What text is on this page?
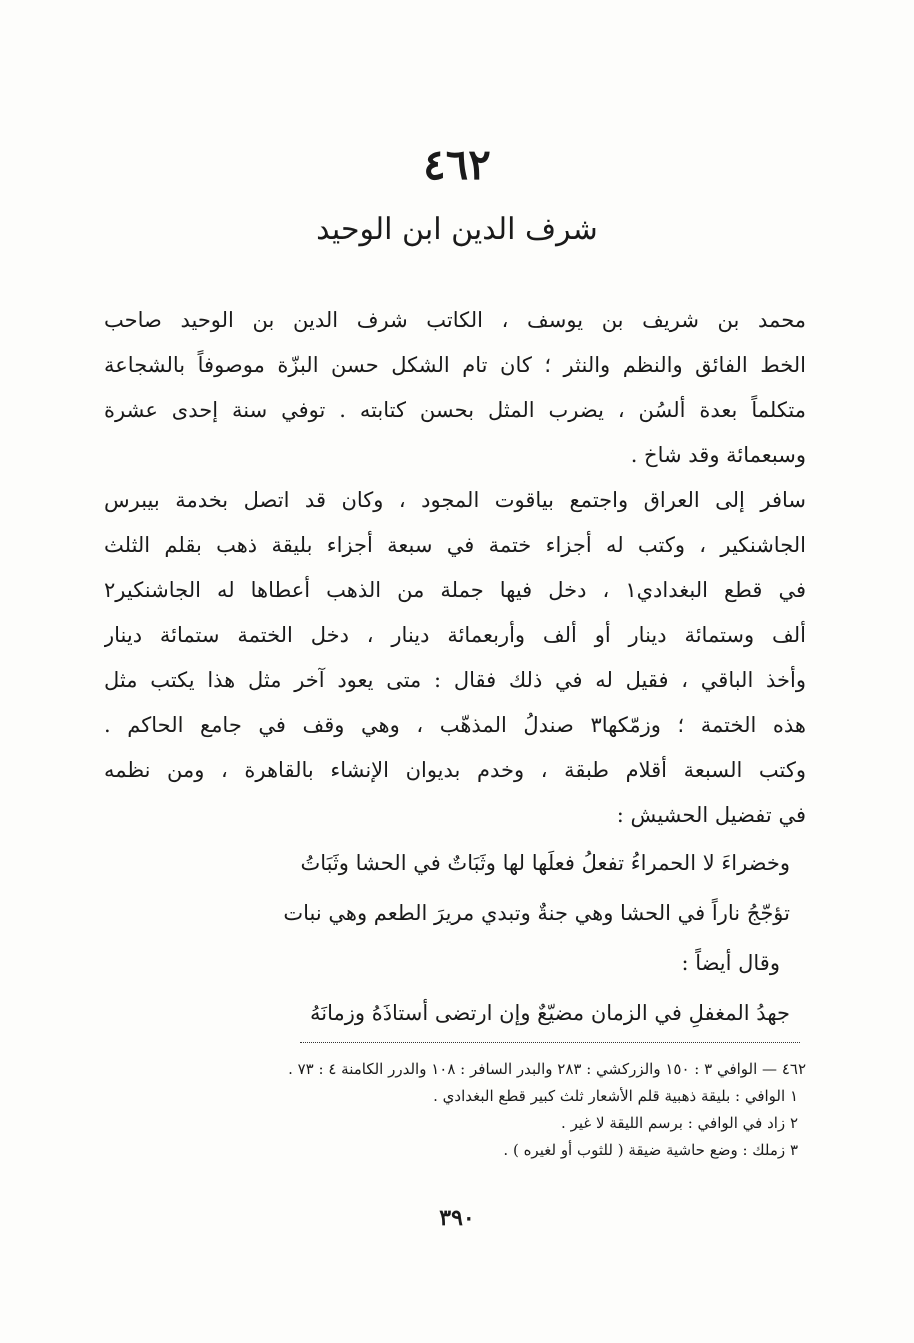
٤٦٢
شرف الدين ابن الوحيد
محمد بن شريف بن يوسف ، الكاتب شرف الدين بن الوحيد صاحب
الخط الفائق والنظم والنثر ؛ كان تام الشكل حسن البزّة موصوفاً بالشجاعة
متكلماً بعدة ألسُن ، يضرب المثل بحسن كتابته . توفي سنة إحدى عشرة
وسبعمائة وقد شاخ .
سافر إلى العراق واجتمع بياقوت المجود ، وكان قد اتصل بخدمة بيبرس
الجاشنكير ، وكتب له أجزاء ختمة في سبعة أجزاء بليقة ذهب بقلم الثلث
في قطع البغدادي١ ، دخل فيها جملة من الذهب أعطاها له الجاشنكير٢
ألف وستمائة دينار أو ألف وأربعمائة دينار ، دخل الختمة ستمائة دينار
وأخذ الباقي ، فقيل له في ذلك فقال : متى يعود آخر مثل هذا يكتب مثل
هذه الختمة ؛ وزمّكها٣ صندلُ المذهّب ، وهي وقف في جامع الحاكم .
وكتب السبعة أقلام طبقة ، وخدم بديوان الإنشاء بالقاهرة ، ومن نظمه
في تفضيل الحشيش :
وخضراءَ لا الحمراءُ تفعلُ فعلَها لها وثَبَاتٌ في الحشا وثَبَاتُ
تؤجّجُ ناراً في الحشا وهي جنةٌ وتبدي مريرَ الطعم وهي نبات
وقال أيضاً :
جهدُ المغفلِ في الزمان مضيّعٌ وإن ارتضى أستاذَهُ وزمانَهُ
٤٦٢ — الوافي ٣ : ١٥٠ والزركشي : ٢٨٣ والبدر السافر : ١٠٨ والدرر الكامنة ٤ : ٧٣ .
١ الوافي : بليقة ذهبية قلم الأشعار ثلث كبير قطع البغدادي .
٢ زاد في الوافي : برسم الليقة لا غير .
٣ زملك : وضع حاشية ضيقة ( للثوب أو لغيره ) .
٣٩٠
